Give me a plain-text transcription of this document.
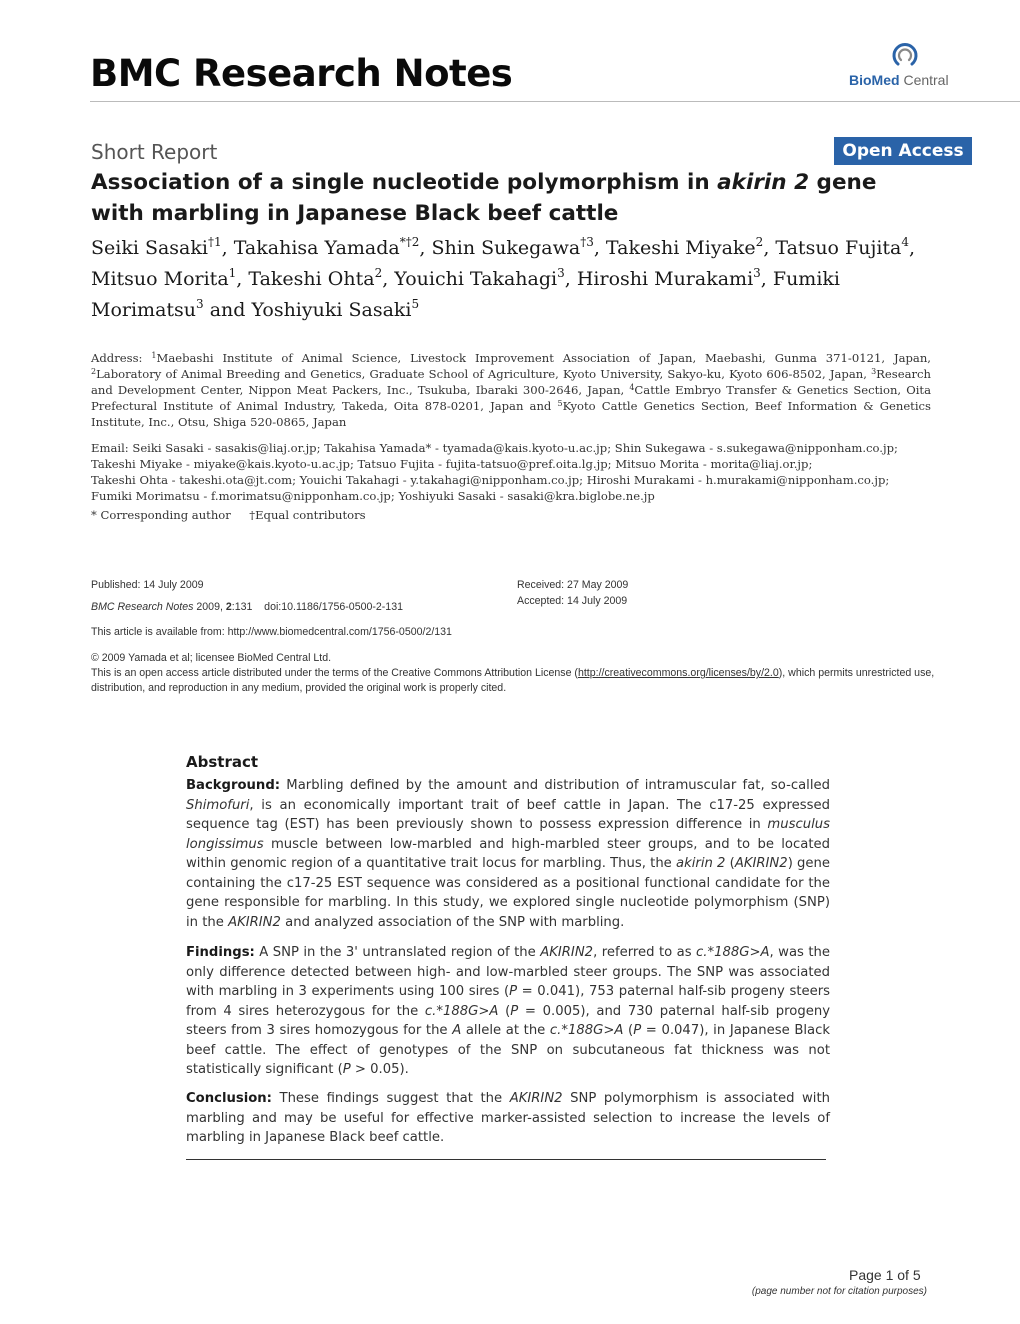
BMC Research Notes	BioMed Central
Short Report	Open Access
Association of a single nucleotide polymorphism in akirin 2 gene with marbling in Japanese Black beef cattle
Seiki Sasaki$^{\dagger 1}$, Takahisa Yamada$^{*\dagger 2}$, Shin Sukegawa$^{\dagger 3}$, Takeshi Miyake$^2$, Tatsuo Fujita$^4$, Mitsuo Morita$^1$, Takeshi Ohta$^2$, Youichi Takahagi$^3$, Hiroshi Murakami$^3$, Fumiki Morimatsu$^3$ and Yoshiyuki Sasaki$^5$
Address: $^1$Maebashi Institute of Animal Science, Livestock Improvement Association of Japan, Maebashi, Gunma 371-0121, Japan, $^2$Laboratory of Animal Breeding and Genetics, Graduate School of Agriculture, Kyoto University, Sakyo-ku, Kyoto 606-8502, Japan, $^3$Research and Development Center, Nippon Meat Packers, Inc., Tsukuba, Ibaraki 300-2646, Japan, $^4$Cattle Embryo Transfer & Genetics Section, Oita Prefectural Institute of Animal Industry, Takeda, Oita 878-0201, Japan and $^5$Kyoto Cattle Genetics Section, Beef Information & Genetics Institute, Inc., Otsu, Shiga 520-0865, Japan
Email: Seiki Sasaki - sasakis@liaj.or.jp; Takahisa Yamada* - tyamada@kais.kyoto-u.ac.jp; Shin Sukegawa - s.sukegawa@nipponham.co.jp;
Takeshi Miyake - miyake@kais.kyoto-u.ac.jp; Tatsuo Fujita - fujita-tatsuo@pref.oita.lg.jp; Mitsuo Morita - morita@liaj.or.jp;
Takeshi Ohta - takeshi.ota@jt.com; Youichi Takahagi - y.takahagi@nipponham.co.jp; Hiroshi Murakami - h.murakami@nipponham.co.jp;
Fumiki Morimatsu - f.morimatsu@nipponham.co.jp; Yoshiyuki Sasaki - sasaki@kra.biglobe.ne.jp
* Corresponding author †Equal contributors
Published: 14 July 2009	Received: 27 May 2009
Accepted: 14 July 2009
BMC Research Notes 2009, 2:131 doi:10.1186/1756-0500-2-131
This article is available from: http://www.biomedcentral.com/1756-0500/2/131
© 2009 Yamada et al; licensee BioMed Central Ltd.
This is an open access article distributed under the terms of the Creative Commons Attribution License (http://creativecommons.org/licenses/by/2.0), which permits unrestricted use, distribution, and reproduction in any medium, provided the original work is properly cited.
Abstract

Background: Marbling defined by the amount and distribution of intramuscular fat, so-called Shimofuri, is an economically important trait of beef cattle in Japan. The c17-25 expressed sequence tag (EST) has been previously shown to possess expression difference in musculus longissimus muscle between low-marbled and high-marbled steer groups, and to be located within genomic region of a quantitative trait locus for marbling. Thus, the akirin 2 (AKIRIN2) gene containing the c17-25 EST sequence was considered as a positional functional candidate for the gene responsible for marbling. In this study, we explored single nucleotide polymorphism (SNP) in the AKIRIN2 and analyzed association of the SNP with marbling.

Findings: A SNP in the 3' untranslated region of the AKIRIN2, referred to as c.*188G>A, was the only difference detected between high- and low-marbled steer groups. The SNP was associated with marbling in 3 experiments using 100 sires (P = 0.041), 753 paternal half-sib progeny steers from 4 sires heterozygous for the c.*188G>A (P = 0.005), and 730 paternal half-sib progeny steers from 3 sires homozygous for the A allele at the c.*188G>A (P = 0.047), in Japanese Black beef cattle. The effect of genotypes of the SNP on subcutaneous fat thickness was not statistically significant (P > 0.05).

Conclusion: These findings suggest that the AKIRIN2 SNP polymorphism is associated with marbling and may be useful for effective marker-assisted selection to increase the levels of marbling in Japanese Black beef cattle.

Page 1 of 5
(page number not for citation purposes)
